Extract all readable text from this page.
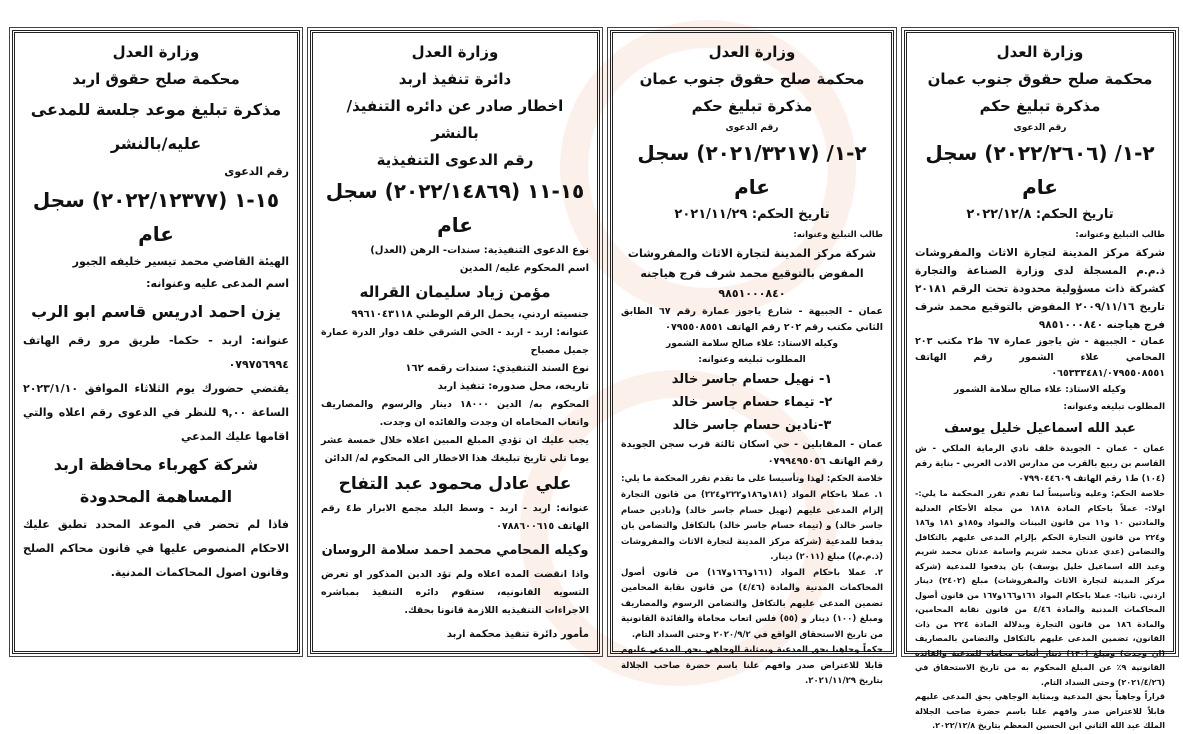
وزارة العدل

محكمة صلح حقوق اربد

مذكرة تبليغ موعد جلسة للمدعى

عليه/بالنشر

رقم الدعوى

١٥-١ (٢٠٢٢/١٢٣٧٧) سجل عام

الهيئة القاضي محمد تيسير خليفه الجبور

اسم المدعى عليه وعنوانه:

يزن احمد ادريس قاسم ابو الرب

عنوانه: اربد - حكما- طريق مرو رقم الهاتف ٠٧٩٧٥٦٩٩٤

يقتضي حضورك يوم الثلاثاء الموافق ٢٠٢٣/١/١٠ الساعة ٩,٠٠ للنظر في الدعوى رقم اعلاه والتي اقامها عليك المدعي

شركة كهرباء محافظة اربد

المساهمة المحدودة

فاذا لم تحضر في الموعد المحدد تطبق عليك الاحكام المنصوص عليها في قانون محاكم الصلح وقانون اصول المحاكمات المدنية.

وزارة العدل

دائرة تنفيذ اربد

اخطار صادر عن دائره التنفيذ/ بالنشر

رقم الدعوى التنفيذية

١٥-١١ (٢٠٢٢/١٤٨٦٩) سجل عام

نوع الدعوى التنفيذية: سندات- الرهن (العدل)

اسم المحكوم عليه/ المدين

مؤمن زياد سليمان القراله

جنسيته اردني، يحمل الرقم الوطني ٩٩٦١٠٤٣١١٨

عنوانه: اربد - اربد - الحي الشرقي خلف دوار الدرة عمارة جميل مصباح

نوع السند التنفيذي: سندات رقمه ١٦٢

تاريخه، محل صدوره: تنفيذ اربد

المحكوم به/ الدين ١٨٠٠٠ دينار والرسوم والمصاريف واتعاب المحاماه ان وجدت والفائده ان وجدت.

يجب عليك ان تؤدي المبلغ المبين اعلاه خلال خمسة عشر يوما تلي تاريخ تبليغك هذا الاخطار الى المحكوم له/ الدائن

علي عادل محمود عبد التفاح

عنوانه: اربد - اربد - وسط البلد مجمع الابرار ط٤ رقم الهاتف ٠٧٨٨٦٠٠٦١٥

وكيله المحامي محمد احمد سلامة الروسان

واذا انقضت المده اعلاه ولم تؤد الدين المذكور او تعرض التسويه القانونيه، ستقوم دائره التنفيذ بمباشره الاجراءات التنفيذيه اللازمة قانونا بحقك.

مأمور دائرة تنفيذ محكمة اربد

وزارة العدل

محكمة صلح حقوق جنوب عمان

مذكرة تبليغ حكم

رقم الدعوى

٢-١/ (٢٠٢١/٣٢١٧) سجل عام

تاريخ الحكم: ٢٠٢١/١١/٢٩

طالب التبليغ وعنوانه:

شركة مركز المدينة لتجارة الاثاث والمفروشات المفوض بالتوقيع محمد شرف فرج هياجنه ٩٨٥١٠٠٠٨٤٠

عمان - الجبيهة - شارع ياجوز عمارة رقم ٦٧ الطابق الثاني مكتب رقم ٢٠٢ رقم الهاتف ٠٧٩٥٥٠٨٥٥١

وكيله الاستاذ: علاء صالح سلامة الشمور

المطلوب تبليغه وعنوانه:

١- نهيل حسام جاسر خالد

٢- تيماء حسام جاسر خالد

٣-نادين حسام جاسر خالد

عمان - المقابلين - حي اسكان ثالثة قرب سجن الجويدة رقم الهاتف ٠٧٩٩٤٩٥٠٥٦

خلاصة الحكم: لهذا وتأسيسا على ما تقدم تقرر المحكمة ما يلي:

١. عملا باحكام المواد (١٨١و١٨٦و٢٢٢و٢٢٤) من قانون التجارة إلزام المدعى عليهم (نهيل حسام جاسر خالد) و(نادين حسام جاسر خالد) و (تيماء حسام جاسر خالد) بالتكافل والتضامن بان يدفعا للمدعية (شركة مركز المدينة لتجارة الاثاث والمفروشات (ذ.م.م)) مبلغ (٢٠١١) دينار.

٢. عملا باحكام المواد (١٦١و١٦٦و١٦٧) من قانون أصول المحاكمات المدنية والمادة (٤/٤٦) من قانون نقابة المحامين تضمين المدعى عليهم بالتكافل والتضامن الرسوم والمصاريف ومبلغ (١٠٠) دينار و (٥٥) فلس اتعاب محاماة والفائدة القانونية من تاريخ الاستحقاق الواقع في ٢٠٢٠/٩/٢ وحتى السداد التام.

حكماً وجاهيا بحق المدعية وبمثابة الوجاهي بحق المدعى عليهم قابلا للاعتراض صدر وافهم علنا باسم حضرة صاحب الجلالة بتاريخ ٢٠٢١/١١/٢٩.

وزارة العدل

محكمة صلح حقوق جنوب عمان

مذكرة تبليغ حكم

رقم الدعوى

٢-١/ (٢٠٢٢/٢٦٠٦) سجل عام

تاريخ الحكم: ٢٠٢٢/١٢/٨

طالب التبليغ وعنوانه:

شركة مركز المدينة لتجارة الاثاث والمفروشات ذ.م.م المسجلة لدى وزارة الصناعة والتجارة كشركة ذات مسؤولية محدودة تحت الرقم ٢٠١٨١ تاريخ ٢٠٠٩/١١/١٦ المفوض بالتوقيع محمد شرف فرج هياجنه ٩٨٥١٠٠٠٨٤٠

عمان - الجبيهة - ش ياجوز عمارة ٦٧ ط٢ مكتب ٢٠٣ المحامي علاء الشمور رقم الهاتف ٠٦٥٣٣٣٤٨١/٠٧٩٥٥٠٨٥٥١

وكيله الاستاذ: علاء صالح سلامة الشمور

المطلوب تبليغه وعنوانه:

عبد الله اسماعيل خليل يوسف

عمان - عمان - الجويدة خلف نادي الرماية الملكي - ش القاسم بن ربيع بالقرب من مدارس الادب العربي - بناية رقم (١٠٤) ط١ رقم الهاتف ٠٧٩٩٠٤٤٦٠٩

خلاصة الحكم: وعليه وتأسيساً لما تقدم تقرر المحكمة ما يلي:- اولا:- عملاً باحكام المادة ١٨١٨ من مجلة الأحكام العدلية والمادتين ١٠ و١١ من قانون البينات والمواد و١٨٥و ١٨١ و١٨٦ و٢٢٤ من قانون التجارة الحكم بإلزام المدعى عليهم بالتكافل والتضامن (عدي عدنان محمد شريم واسامة عدنان محمد شريم وعبد الله اسماعيل خليل يوسف) بان يدفعوا للمدعية (شركة مركز المدينة لتجارة الاثاث والمفروشات) مبلغ (٢٤٠٢) دينار اردني. ثانيا:- عملا باحكام المواد ١٦١و١٦٦و١٦٧ من قانون أصول المحاكمات المدنية والمادة ٤/٤٦ من قانون نقابة المحامين، والمادة ١٨٦ من قانون التجارة وبدلالة المادة ٢٢٤ من ذات القانون، تضمين المدعى عليهم بالتكافل والتضامن بالمصاريف (ان وجدت) ومبلغ (١٣٠) دينار أتعاب محاماة للمدعية والفائدة القانونية ٩٪ عن المبلغ المحكوم به من تاريخ الاستحقاق في (٢٠٢١/٤/٢٦) وحتى السداد التام.

قراراً وجاهياً بحق المدعية وبمثابة الوجاهي بحق المدعى عليهم قابلاً للاعتراض صدر وافهم علنا باسم حضرة صاحب الجلالة الملك عبد الله الثاني ابن الحسين المعظم بتاريخ ٢٠٢٢/١٢/٨.
